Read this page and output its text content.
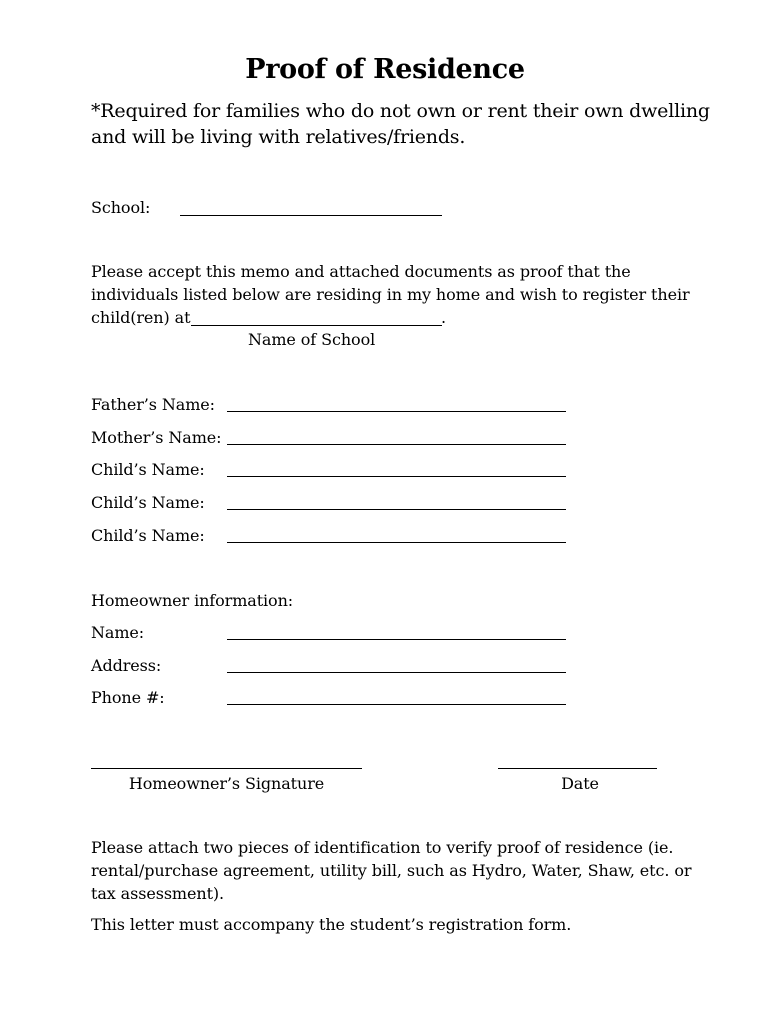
Proof of Residence
*Required for families who do not own or rent their own dwelling
and will be living with relatives/friends.
School:
Please accept this memo and attached documents as proof that the
individuals listed below are residing in my home and wish to register their
child(ren) at	.
Name of School
Father’s Name:
Mother’s Name:
Child’s Name:
Child’s Name:
Child’s Name:
Homeowner information:
Name:
Address:
Phone #:
Homeowner’s Signature	Date
Please attach two pieces of identification to verify proof of residence (ie.
rental/purchase agreement, utility bill, such as Hydro, Water, Shaw, etc. or
tax assessment).
This letter must accompany the student’s registration form.
